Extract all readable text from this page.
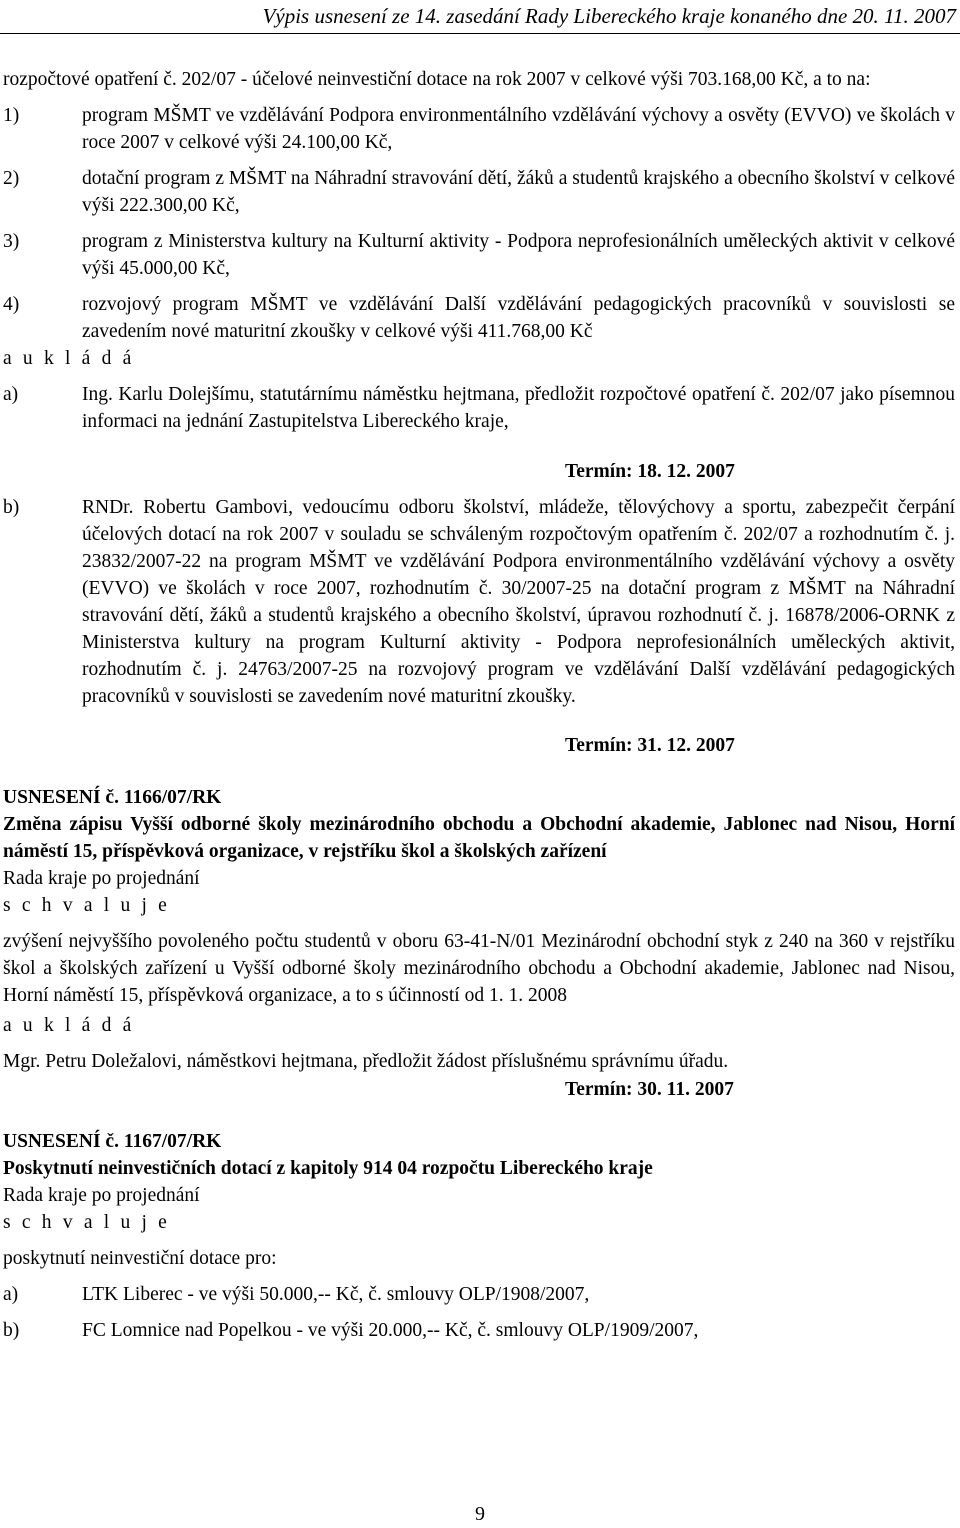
Výpis usnesení ze 14. zasedání Rady Libereckého kraje konaného dne 20. 11. 2007

rozpočtové opatření č. 202/07 - účelové neinvestiční dotace na rok 2007 v celkové výši 703.168,00 Kč, a to na:

1)	program MŠMT ve vzdělávání Podpora environmentálního vzdělávání výchovy a osvěty (EVVO) ve školách v roce 2007 v celkové výši 24.100,00 Kč,
2)	dotační program z MŠMT na Náhradní stravování dětí, žáků a studentů krajského a obecního školství v celkové výši 222.300,00 Kč,
3)	program z Ministerstva kultury na Kulturní aktivity - Podpora neprofesionálních uměleckých aktivit v celkové výši 45.000,00 Kč,
4)	rozvojový program MŠMT ve vzdělávání Další vzdělávání pedagogických pracovníků v souvislosti se zavedením nové maturitní zkoušky v celkové výši 411.768,00 Kč

a u k l á d á

a)	Ing. Karlu Dolejšímu, statutárnímu náměstku hejtmana, předložit rozpočtové opatření č. 202/07 jako písemnou informaci na jednání Zastupitelstva Libereckého kraje,

Termín: 18. 12. 2007

b)	RNDr. Robertu Gambovi, vedoucímu odboru školství, mládeže, tělovýchovy a sportu, zabezpečit čerpání účelových dotací na rok 2007 v souladu se schváleným rozpočtovým opatřením č. 202/07 a rozhodnutím č. j. 23832/2007-22 na program MŠMT ve vzdělávání Podpora environmentálního vzdělávání výchovy a osvěty (EVVO) ve školách v roce 2007, rozhodnutím č. 30/2007-25 na dotační program z MŠMT na Náhradní stravování dětí, žáků a studentů krajského a obecního školství, úpravou rozhodnutí č. j. 16878/2006-ORNK z Ministerstva kultury na program Kulturní aktivity - Podpora neprofesionálních uměleckých aktivit, rozhodnutím č. j. 24763/2007-25 na rozvojový program ve vzdělávání Další vzdělávání pedagogických pracovníků v souvislosti se zavedením nové maturitní zkoušky.

Termín: 31. 12. 2007

USNESENÍ č. 1166/07/RK

Změna zápisu Vyšší odborné školy mezinárodního obchodu a Obchodní akademie, Jablonec nad Nisou, Horní náměstí 15, příspěvková organizace, v rejstříku škol a školských zařízení

Rada kraje po projednání

s c h v a l u j e

zvýšení nejvyššího povoleného počtu studentů v oboru 63-41-N/01 Mezinárodní obchodní styk z 240 na 360 v rejstříku škol a školských zařízení u Vyšší odborné školy mezinárodního obchodu a Obchodní akademie, Jablonec nad Nisou, Horní náměstí 15, příspěvková organizace, a to s účinností od 1. 1. 2008

a u k l á d á

Mgr. Petru Doležalovi, náměstkovi hejtmana, předložit žádost příslušnému správnímu úřadu.

Termín: 30. 11. 2007

USNESENÍ č. 1167/07/RK

Poskytnutí neinvestičních dotací z kapitoly 914 04 rozpočtu Libereckého kraje

Rada kraje po projednání

s c h v a l u j e

poskytnutí neinvestiční dotace pro:

a)	LTK Liberec - ve výši 50.000,-- Kč, č. smlouvy OLP/1908/2007,
b)	FC Lomnice nad Popelkou - ve výši 20.000,-- Kč, č. smlouvy OLP/1909/2007,
9
